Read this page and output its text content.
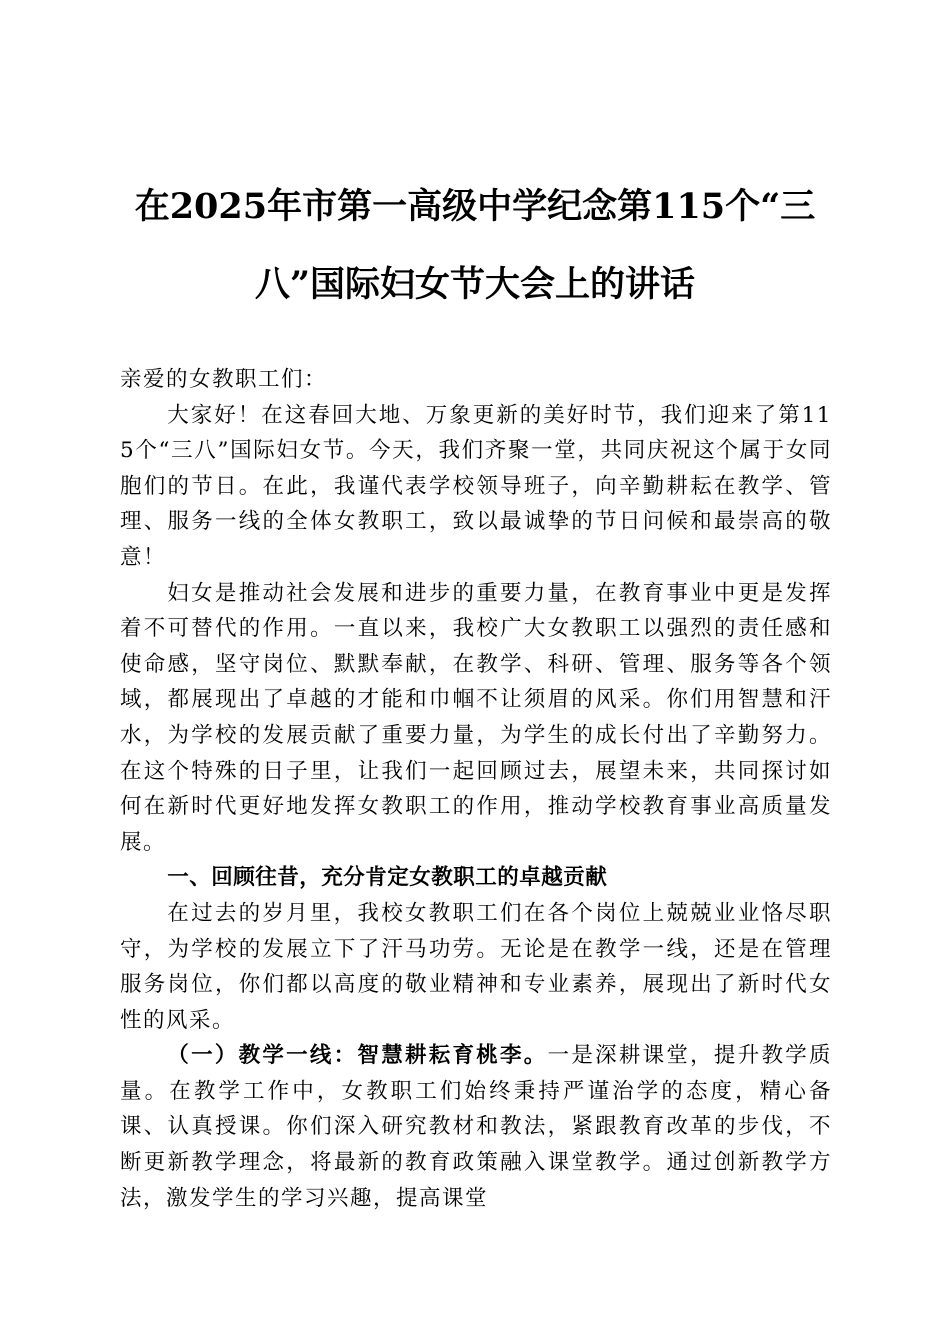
在2025年市第一高级中学纪念第115个“三八”国际妇女节大会上的讲话

亲爱的女教职工们：

大家好！在这春回大地、万象更新的美好时节，我们迎来了第115个“三八”国际妇女节。今天，我们齐聚一堂，共同庆祝这个属于女同胞们的节日。在此，我谨代表学校领导班子，向辛勤耕耘在教学、管理、服务一线的全体女教职工，致以最诚挚的节日问候和最崇高的敬意！

妇女是推动社会发展和进步的重要力量，在教育事业中更是发挥着不可替代的作用。一直以来，我校广大女教职工以强烈的责任感和使命感，坚守岗位、默默奉献，在教学、科研、管理、服务等各个领域，都展现出了卓越的才能和巾帼不让须眉的风采。你们用智慧和汗水，为学校的发展贡献了重要力量，为学生的成长付出了辛勤努力。在这个特殊的日子里，让我们一起回顾过去，展望未来，共同探讨如何在新时代更好地发挥女教职工的作用，推动学校教育事业高质量发展。

一、回顾往昔，充分肯定女教职工的卓越贡献

在过去的岁月里，我校女教职工们在各个岗位上兢兢业业恪尽职守，为学校的发展立下了汗马功劳。无论是在教学一线，还是在管理服务岗位，你们都以高度的敬业精神和专业素养，展现出了新时代女性的风采。

（一）教学一线：智慧耕耘育桃李。一是深耕课堂，提升教学质量。在教学工作中，女教职工们始终秉持严谨治学的态度，精心备课、认真授课。你们深入研究教材和教法，紧跟教育改革的步伐，不断更新教学理念，将最新的教育政策融入课堂教学。通过创新教学方法，激发学生的学习兴趣，提高课堂
